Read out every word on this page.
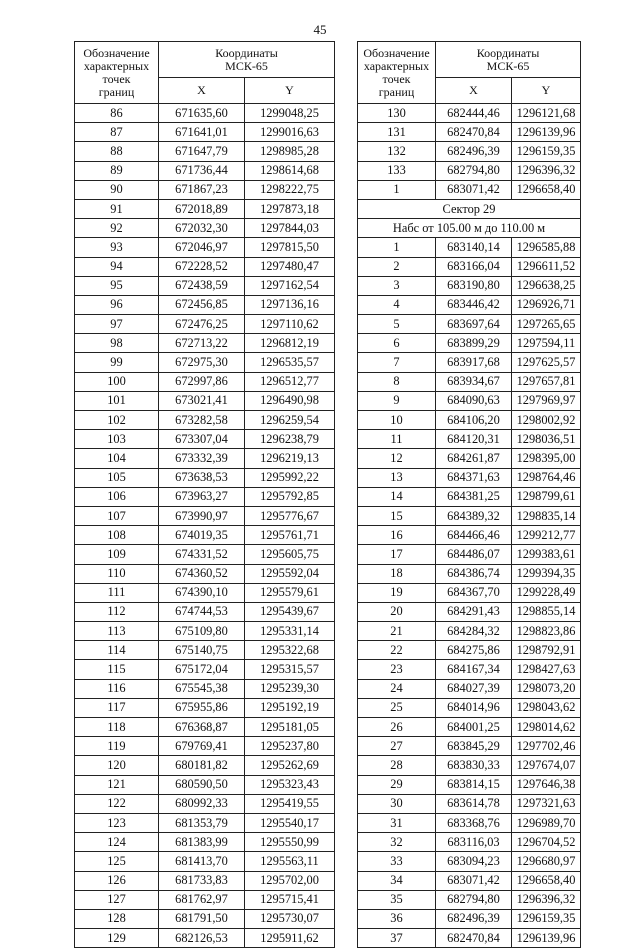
45
Обозначение
характерных
точек
границ	Координаты
МСК-65	
	X	Y
86	671635,60	1299048,25
87	671641,01	1299016,63
88	671647,79	1298985,28
89	671736,44	1298614,68
90	671867,23	1298222,75
91	672018,89	1297873,18
92	672032,30	1297844,03
93	672046,97	1297815,50
94	672228,52	1297480,47
95	672438,59	1297162,54
96	672456,85	1297136,16
97	672476,25	1297110,62
98	672713,22	1296812,19
99	672975,30	1296535,57
100	672997,86	1296512,77
101	673021,41	1296490,98
102	673282,58	1296259,54
103	673307,04	1296238,79
104	673332,39	1296219,13
105	673638,53	1295992,22
106	673963,27	1295792,85
107	673990,97	1295776,67
108	674019,35	1295761,71
109	674331,52	1295605,75
110	674360,52	1295592,04
111	674390,10	1295579,61
112	674744,53	1295439,67
113	675109,80	1295331,14
114	675140,75	1295322,68
115	675172,04	1295315,57
116	675545,38	1295239,30
117	675955,86	1295192,19
118	676368,87	1295181,05
119	679769,41	1295237,80
120	680181,82	1295262,69
121	680590,50	1295323,43
122	680992,33	1295419,55
123	681353,79	1295540,17
124	681383,99	1295550,99
125	681413,70	1295563,11
126	681733,83	1295702,00
127	681762,97	1295715,41
128	681791,50	1295730,07
129	682126,53	1295911,62
Обозначение
характерных
точек
границ	Координаты
МСК-65	
	X	Y
130	682444,46	1296121,68
131	682470,84	1296139,96
132	682496,39	1296159,35
133	682794,80	1296396,32
1	683071,42	1296658,40
Сектор 29		
Набс от 105.00 м до 110.00 м		
1	683140,14	1296585,88
2	683166,04	1296611,52
3	683190,80	1296638,25
4	683446,42	1296926,71
5	683697,64	1297265,65
6	683899,29	1297594,11
7	683917,68	1297625,57
8	683934,67	1297657,81
9	684090,63	1297969,97
10	684106,20	1298002,92
11	684120,31	1298036,51
12	684261,87	1298395,00
13	684371,63	1298764,46
14	684381,25	1298799,61
15	684389,32	1298835,14
16	684466,46	1299212,77
17	684486,07	1299383,61
18	684386,74	1299394,35
19	684367,70	1299228,49
20	684291,43	1298855,14
21	684284,32	1298823,86
22	684275,86	1298792,91
23	684167,34	1298427,63
24	684027,39	1298073,20
25	684014,96	1298043,62
26	684001,25	1298014,62
27	683845,29	1297702,46
28	683830,33	1297674,07
29	683814,15	1297646,38
30	683614,78	1297321,63
31	683368,76	1296989,70
32	683116,03	1296704,52
33	683094,23	1296680,97
34	683071,42	1296658,40
35	682794,80	1296396,32
36	682496,39	1296159,35
37	682470,84	1296139,96
